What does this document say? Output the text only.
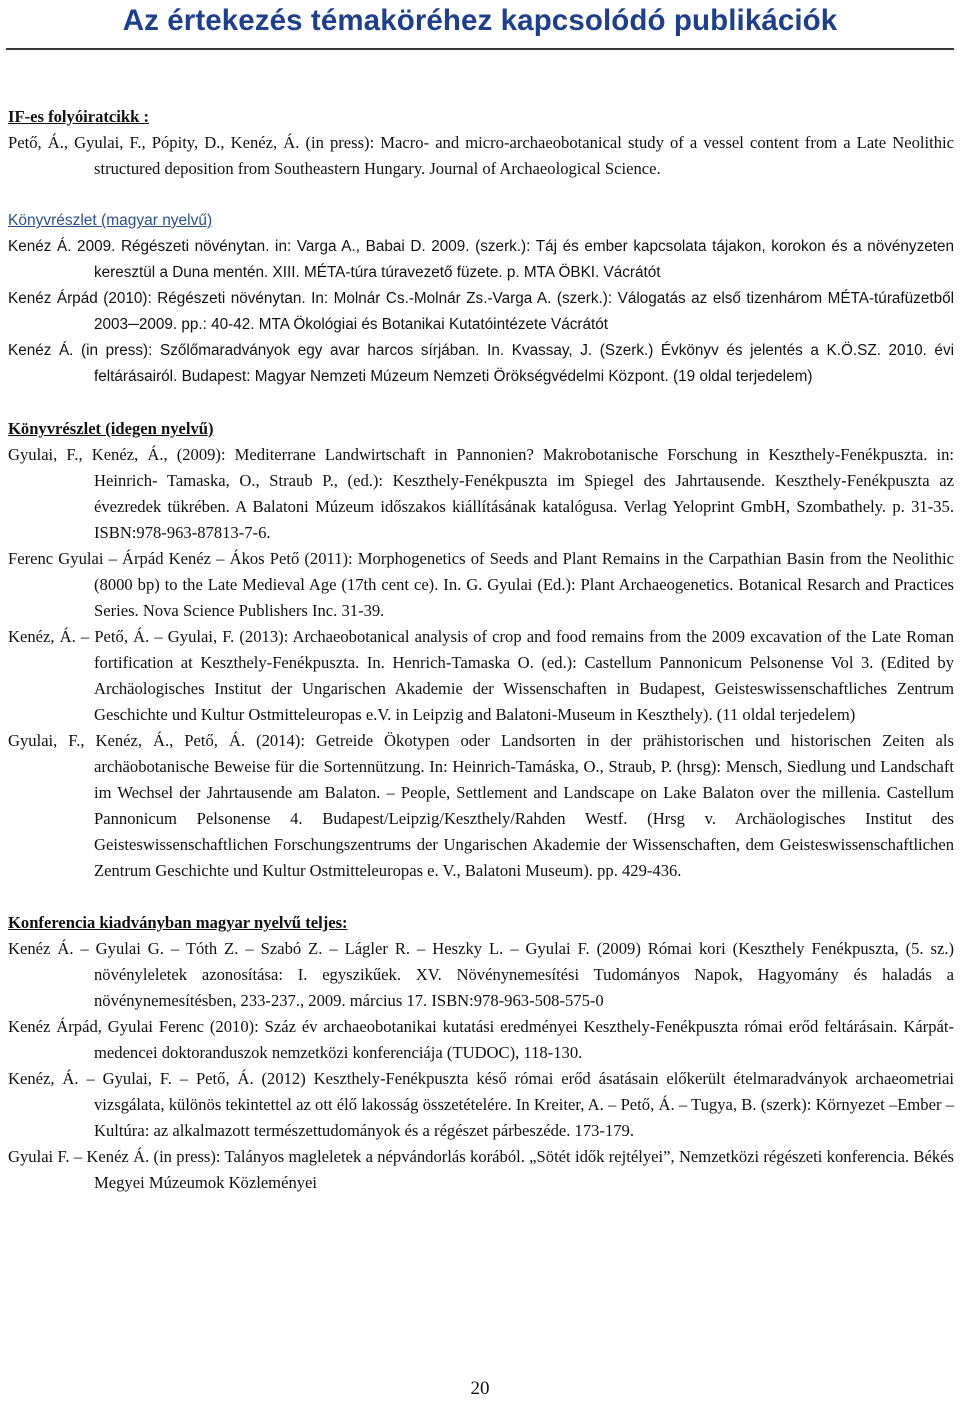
Az értekezés témaköréhez kapcsolódó publikációk

IF-es folyóiratcikk :

Pető, Á., Gyulai, F., Pópity, D., Kenéz, Á. (in press): Macro- and micro-archaeobotanical study of a vessel content from a Late Neolithic structured deposition from Southeastern Hungary. Journal of Archaeological Science.

Könyvrészlet (magyar nyelvű)

Kenéz Á. 2009. Régészeti növénytan. in: Varga A., Babai D. 2009. (szerk.): Táj és ember kapcsolata tájakon, korokon és a növényzeten keresztül a Duna mentén. XIII. MÉTA-túra túravezető füzete. p. MTA ÖBKI. Vácrátót

Kenéz Árpád (2010): Régészeti növénytan. In: Molnár Cs.-Molnár Zs.-Varga A. (szerk.): Válogatás az első tizenhárom MÉTA-túrafüzetből 2003─2009. pp.: 40-42. MTA Ökológiai és Botanikai Kutatóintézete Vácrátót

Kenéz Á. (in press): Szőlőmaradványok egy avar harcos sírjában. In. Kvassay, J. (Szerk.) Évkönyv és jelentés a K.Ö.SZ. 2010. évi feltárásairól. Budapest: Magyar Nemzeti Múzeum Nemzeti Örökségvédelmi Központ. (19 oldal terjedelem)

Könyvrészlet (idegen nyelvű)

Gyulai, F., Kenéz, Á., (2009): Mediterrane Landwirtschaft in Pannonien? Makrobotanische Forschung in Keszthely-Fenékpuszta. in: Heinrich- Tamaska, O., Straub P., (ed.): Keszthely-Fenékpuszta im Spiegel des Jahrtausende. Keszthely-Fenékpuszta az évezredek tükrében. A Balatoni Múzeum időszakos kiállításának katalógusa. Verlag Yeloprint GmbH, Szombathely. p. 31-35. ISBN:978-963-87813-7-6.

Ferenc Gyulai – Árpád Kenéz – Ákos Pető (2011): Morphogenetics of Seeds and Plant Remains in the Carpathian Basin from the Neolithic (8000 bp) to the Late Medieval Age (17th cent ce). In. G. Gyulai (Ed.): Plant Archaeogenetics. Botanical Resarch and Practices Series. Nova Science Publishers Inc. 31-39.

Kenéz, Á. – Pető, Á. – Gyulai, F. (2013): Archaeobotanical analysis of crop and food remains from the 2009 excavation of the Late Roman fortification at Keszthely-Fenékpuszta. In. Henrich-Tamaska O. (ed.): Castellum Pannonicum Pelsonense Vol 3. (Edited by Archäologisches Institut der Ungarischen Akademie der Wissenschaften in Budapest, Geisteswissenschaftliches Zentrum Geschichte und Kultur Ostmitteleuropas e.V. in Leipzig and Balatoni-Museum in Keszthely). (11 oldal terjedelem)

Gyulai, F., Kenéz, Á., Pető, Á. (2014): Getreide Ökotypen oder Landsorten in der prähistorischen und historischen Zeiten als archäobotanische Beweise für die Sortennützung. In: Heinrich-Tamáska, O., Straub, P. (hrsg): Mensch, Siedlung und Landschaft im Wechsel der Jahrtausende am Balaton. – People, Settlement and Landscape on Lake Balaton over the millenia. Castellum Pannonicum Pelsonense 4. Budapest/Leipzig/Keszthely/Rahden Westf. (Hrsg v. Archäologisches Institut des Geisteswissenschaftlichen Forschungszentrums der Ungarischen Akademie der Wissenschaften, dem Geisteswissenschaftlichen Zentrum Geschichte und Kultur Ostmitteleuropas e. V., Balatoni Museum). pp. 429-436.

Konferencia kiadványban magyar nyelvű teljes:

Kenéz Á. – Gyulai G. – Tóth Z. – Szabó Z. – Lágler R. – Heszky L. – Gyulai F. (2009) Római kori (Keszthely Fenékpuszta, (5. sz.) növényleletek azonosítása: I. egyszikűek. XV. Növénynemesítési Tudományos Napok, Hagyomány és haladás a növénynemesítésben, 233-237., 2009. március 17. ISBN:978-963-508-575-0

Kenéz Árpád, Gyulai Ferenc (2010): Száz év archaeobotanikai kutatási eredményei Keszthely-Fenékpuszta római erőd feltárásain. Kárpát-medencei doktoranduszok nemzetközi konferenciája (TUDOC), 118-130.

Kenéz, Á. – Gyulai, F. – Pető, Á. (2012) Keszthely-Fenékpuszta késő római erőd ásatásain előkerült ételmaradványok archaeometriai vizsgálata, különös tekintettel az ott élő lakosság összetételére. In Kreiter, A. – Pető, Á. – Tugya, B. (szerk): Környezet –Ember –Kultúra: az alkalmazott természettudományok és a régészet párbeszéde. 173-179.

Gyulai F. – Kenéz Á. (in press): Talányos magleletek a népvándorlás korából. „Sötét idők rejtélyei”, Nemzetközi régészeti konferencia. Békés Megyei Múzeumok Közleményei

20
